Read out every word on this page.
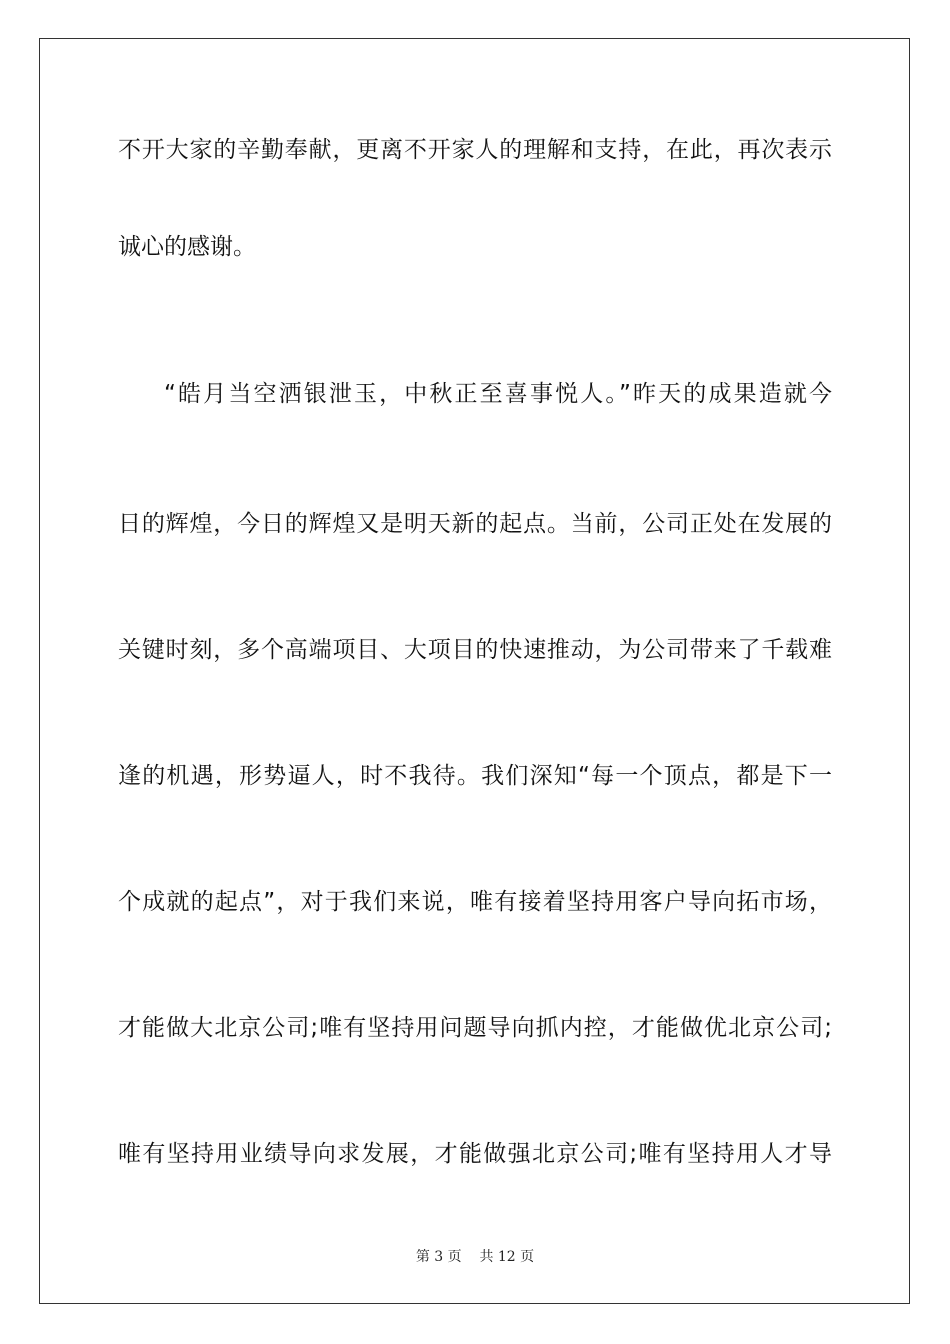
不开大家的辛勤奉献，更离不开家人的理解和支持，在此，再次表示
诚心的感谢。
“皓月当空洒银泄玉，中秋正至喜事悦人。”昨天的成果造就今
日的辉煌，今日的辉煌又是明天新的起点。当前，公司正处在发展的
关键时刻，多个高端项目、大项目的快速推动，为公司带来了千载难
逢的机遇，形势逼人，时不我待。我们深知“每一个顶点，都是下一
个成就的起点”，对于我们来说，唯有接着坚持用客户导向拓市场，
才能做大北京公司;唯有坚持用问题导向抓内控，才能做优北京公司;
唯有坚持用业绩导向求发展，才能做强北京公司;唯有坚持用人才导
第 3 页 共 12 页
